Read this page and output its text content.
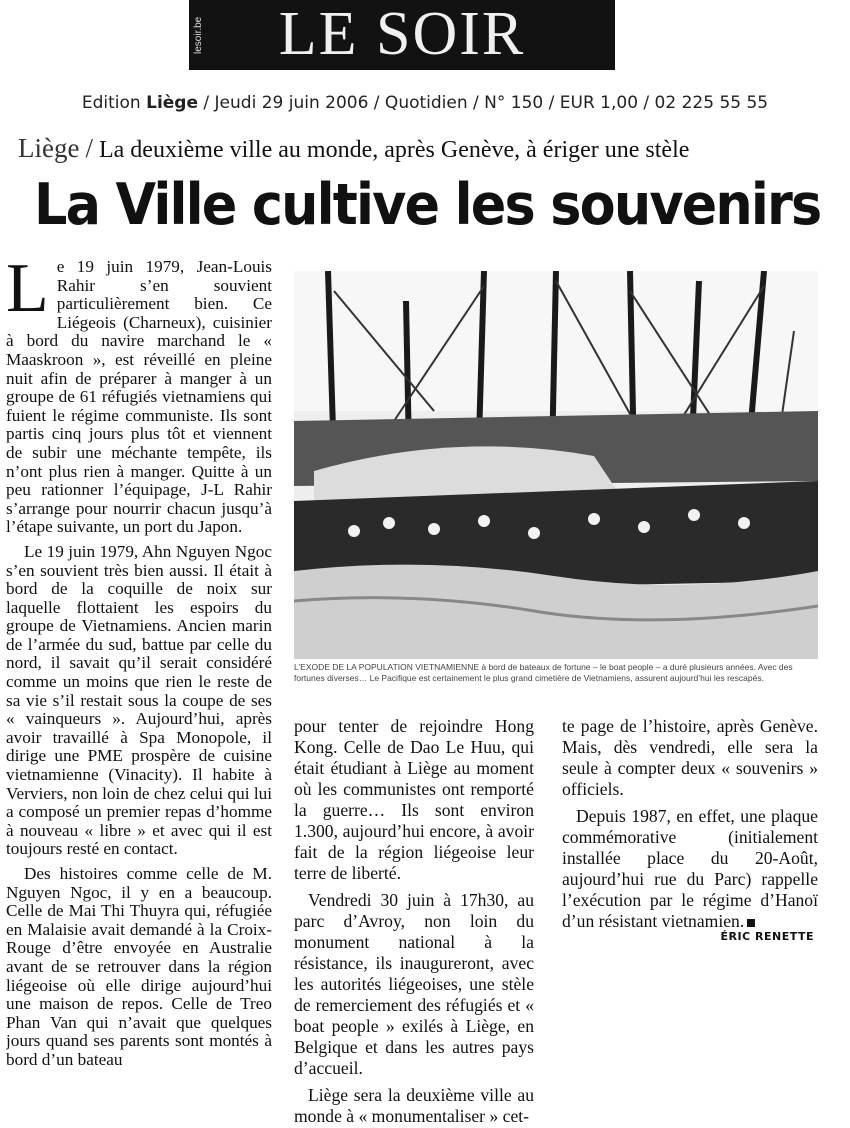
lesoir.be	LE SOIR
Edition Liège / Jeudi 29 juin 2006 / Quotidien / N° 150 / EUR 1,00 / 02 225 55 55
Liège / La deuxième ville au monde, après Genève, à ériger une stèle
La Ville cultive les souvenirs

Le 19 juin 1979, Jean-Louis Rahir s’en souvient particulièrement bien. Ce Liégeois (Charneux), cuisinier à bord du navire marchand le « Maaskroon », est réveillé en pleine nuit afin de préparer à manger à un groupe de 61 réfugiés vietnamiens qui fuient le régime communiste. Ils sont partis cinq jours plus tôt et viennent de subir une méchante tempête, ils n’ont plus rien à manger. Quitte à un peu rationner l’équipage, J-L Rahir s’arrange pour nourrir chacun jusqu’à l’étape suivante, un port du Japon.

Le 19 juin 1979, Ahn Nguyen Ngoc s’en souvient très bien aussi. Il était à bord de la coquille de noix sur laquelle flottaient les espoirs du groupe de Vietnamiens. Ancien marin de l’armée du sud, battue par celle du nord, il savait qu’il serait considéré comme un moins que rien le reste de sa vie s’il restait sous la coupe de ses « vainqueurs ». Aujourd’hui, après avoir travaillé à Spa Monopole, il dirige une PME prospère de cuisine vietnamienne (Vinacity). Il habite à Verviers, non loin de chez celui qui lui a composé un premier repas d’homme à nouveau « libre » et avec qui il est toujours resté en contact.

Des histoires comme celle de M. Nguyen Ngoc, il y en a beaucoup. Celle de Mai Thi Thuyra qui, réfugiée en Malaisie avait demandé à la Croix-Rouge d’être envoyée en Australie avant de se retrouver dans la région liégeoise où elle dirige aujourd’hui une maison de repos. Celle de Treo Phan Van qui n’avait que quelques jours quand ses parents sont montés à bord d’un bateau

L’EXODE DE LA POPULATION VIETNAMIENNE à bord de bateaux de fortune – le boat people – a duré plusieurs années. Avec des fortunes diverses… Le Pacifique est certainement le plus grand cimetière de Vietnamiens, assurent aujourd’hui les rescapés.

pour tenter de rejoindre Hong Kong. Celle de Dao Le Huu, qui était étudiant à Liège au moment où les communistes ont remporté la guerre… Ils sont environ 1.300, aujourd’hui encore, à avoir fait de la région liégeoise leur terre de liberté.

Vendredi 30 juin à 17h30, au parc d’Avroy, non loin du monument national à la résistance, ils inaugureront, avec les autorités liégeoises, une stèle de remerciement des réfugiés et « boat people » exilés à Liège, en Belgique et dans les autres pays d’accueil.

Liège sera la deuxième ville au monde à « monumentaliser » cet-

te page de l’histoire, après Genève. Mais, dès vendredi, elle sera la seule à compter deux « souvenirs » officiels.

Depuis 1987, en effet, une plaque commémorative (initialement installée place du 20-Août, aujourd’hui rue du Parc) rappelle l’exécution par le régime d’Hanoï d’un résistant vietnamien.

ÉRIC RENETTE
